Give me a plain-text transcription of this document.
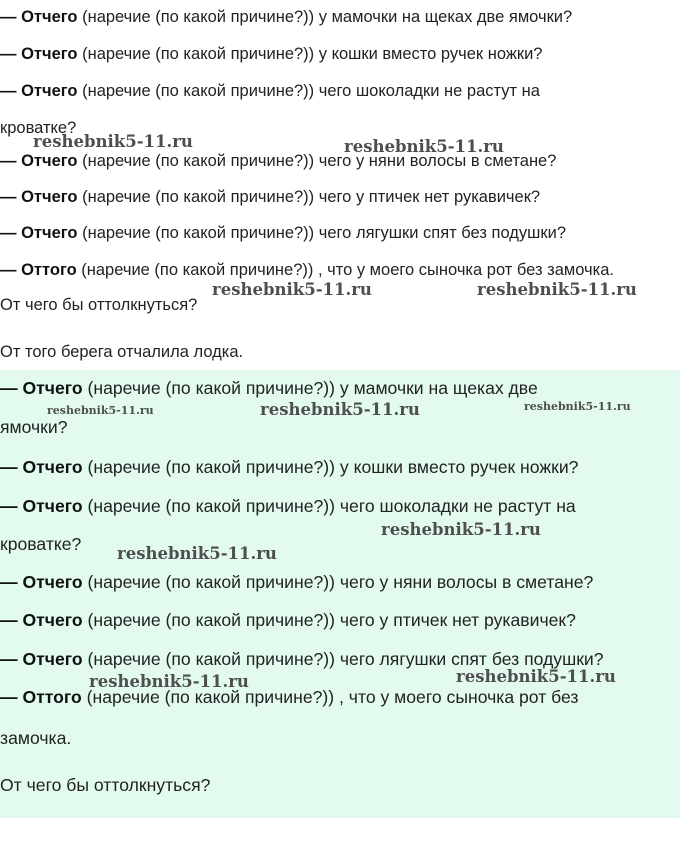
— Отчего (наречие (по какой причине?)) у мамочки на щеках две ямочки?
— Отчего (наречие (по какой причине?)) у кошки вместо ручек ножки?
— Отчего (наречие (по какой причине?)) чего шоколадки не растут на
кроватке?
— Отчего (наречие (по какой причине?)) чего у няни волосы в сметане?
— Отчего (наречие (по какой причине?)) чего у птичек нет рукавичек?
— Отчего (наречие (по какой причине?)) чего лягушки спят без подушки?
— Оттого (наречие (по какой причине?)) , что у моего сыночка рот без замочка.
От чего бы оттолкнуться?
От того берега отчалила лодка.
— Отчего (наречие (по какой причине?)) у мамочки на щеках две
ямочки?
— Отчего (наречие (по какой причине?)) у кошки вместо ручек ножки?
— Отчего (наречие (по какой причине?)) чего шоколадки не растут на
кроватке?
— Отчего (наречие (по какой причине?)) чего у няни волосы в сметане?
— Отчего (наречие (по какой причине?)) чего у птичек нет рукавичек?
— Отчего (наречие (по какой причине?)) чего лягушки спят без подушки?
— Оттого (наречие (по какой причине?)) , что у моего сыночка рот без
замочка.
От чего бы оттолкнуться?
reshebnik5-11.ru	reshebnik5-11.ru
reshebnik5-11.ru	reshebnik5-11.ru
reshebnik5-11.ru	reshebnik5-11.ru	reshebnik5-11.ru
reshebnik5-11.ru
reshebnik5-11.ru
reshebnik5-11.ru
reshebnik5-11.ru
